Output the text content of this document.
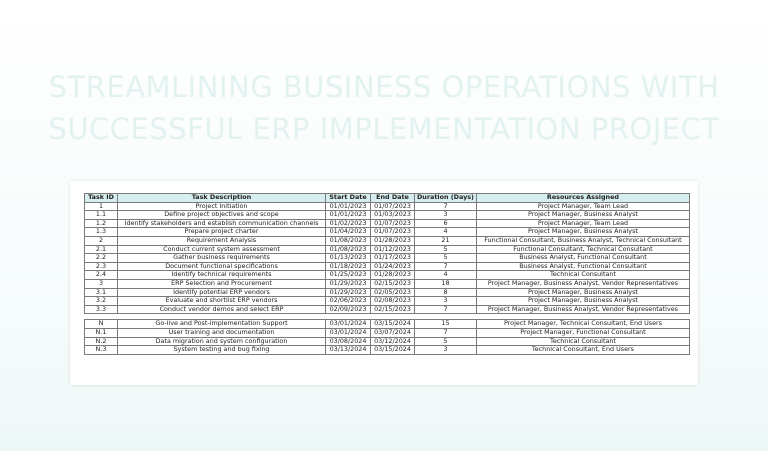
STREAMLINING BUSINESS OPERATIONS WITH
SUCCESSFUL ERP IMPLEMENTATION PROJECT
Task ID	Task Description	Start Date	End Date	Duration (Days)	Resources Assigned
1	Project Initiation	01/01/2023	01/07/2023	7	Project Manager, Team Lead
1.1	Define project objectives and scope	01/01/2023	01/03/2023	3	Project Manager, Business Analyst
1.2	Identify stakeholders and establish communication channels	01/02/2023	01/07/2023	6	Project Manager, Team Lead
1.3	Prepare project charter	01/04/2023	01/07/2023	4	Project Manager, Business Analyst
2	Requirement Analysis	01/08/2023	01/28/2023	21	Functional Consultant, Business Analyst, Technical Consultant
2.1	Conduct current system assessment	01/08/2023	01/12/2023	5	Functional Consultant, Technical Consultant
2.2	Gather business requirements	01/13/2023	01/17/2023	5	Business Analyst, Functional Consultant
2.3	Document functional specifications	01/18/2023	01/24/2023	7	Business Analyst, Functional Consultant
2.4	Identify technical requirements	01/25/2023	01/28/2023	4	Technical Consultant
3	ERP Selection and Procurement	01/29/2023	02/15/2023	18	Project Manager, Business Analyst, Vendor Representatives
3.1	Identify potential ERP vendors	01/29/2023	02/05/2023	8	Project Manager, Business Analyst
3.2	Evaluate and shortlist ERP vendors	02/06/2023	02/08/2023	3	Project Manager, Business Analyst
3.3	Conduct vendor demos and select ERP	02/09/2023	02/15/2023	7	Project Manager, Business Analyst, Vendor Representatives

N	Go-live and Post-implementation Support	03/01/2024	03/15/2024	15	Project Manager, Technical Consultant, End Users
N.1	User training and documentation	03/01/2024	03/07/2024	7	Project Manager, Functional Consultant
N.2	Data migration and system configuration	03/08/2024	03/12/2024	5	Technical Consultant
N.3	System testing and bug fixing	03/13/2024	03/15/2024	3	Technical Consultant, End Users
